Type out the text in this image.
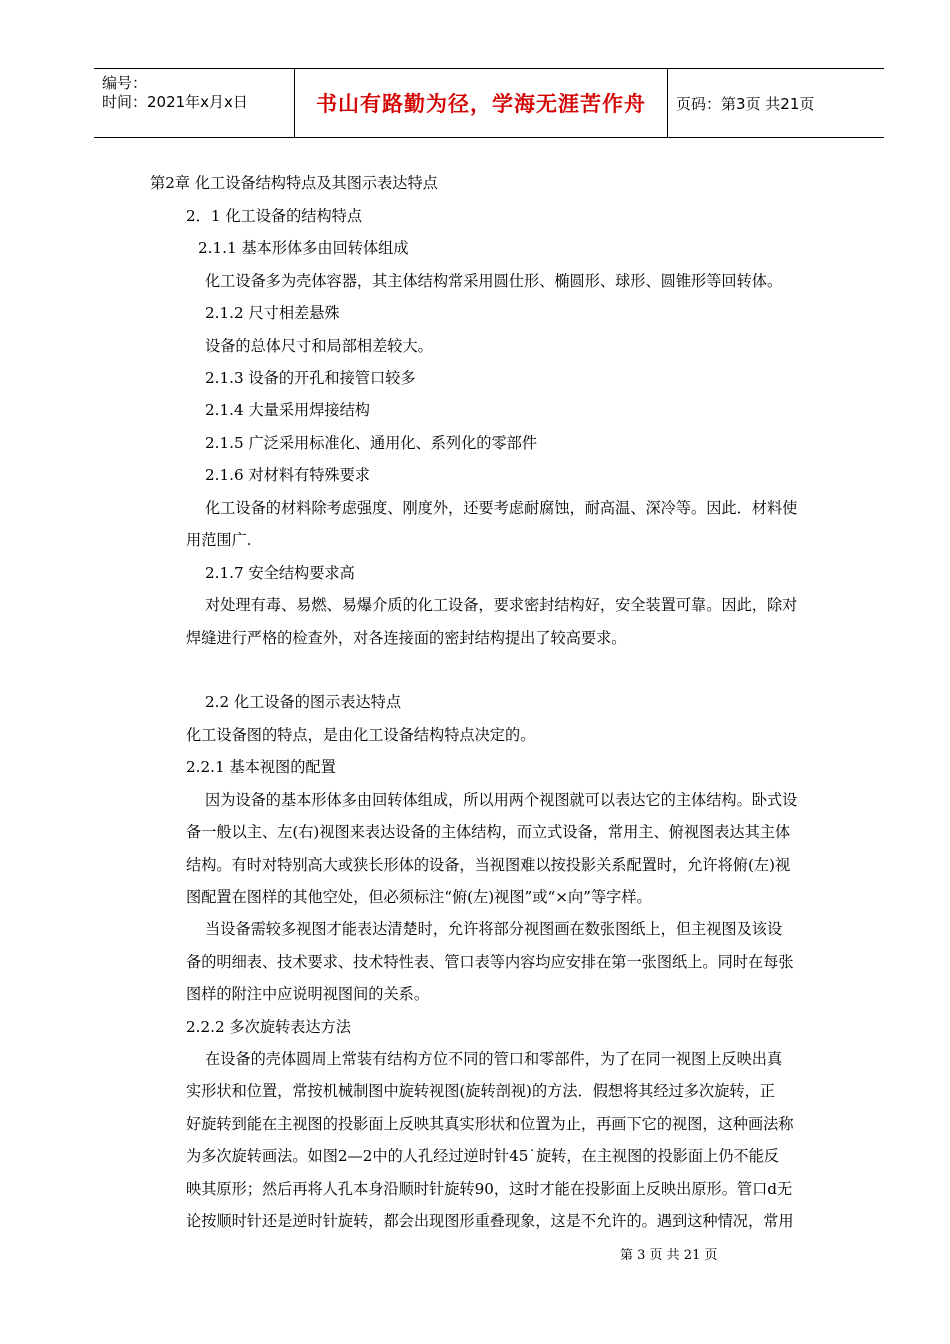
编号：
时间：2021年x月x日	书山有路勤为径，学海无涯苦作舟 页码：第3页 共21页
第2章 化工设备结构特点及其图示表达特点
2．1 化工设备的结构特点
2.1.1 基本形体多由回转体组成
化工设备多为壳体容器，其主体结构常采用圆仕形、椭圆形、球形、圆锥形等回转体。
2.1.2 尺寸相差悬殊
设备的总体尺寸和局部相差较大。
2.1.3 设备的开孔和接管口较多
2.1.4 大量采用焊接结构
2.1.5 广泛采用标准化、通用化、系列化的零部件
2.1.6 对材料有特殊要求
化工设备的材料除考虑强度、刚度外，还要考虑耐腐蚀，耐高温、深冷等。因此．材料使
用范围广.
2.1.7 安全结构要求高
对处理有毒、易燃、易爆介质的化工设备，要求密封结构好，安全装置可靠。因此，除对
焊缝进行严格的检查外，对各连接面的密封结构提出了较高要求。
2.2 化工设备的图示表达特点
化工设备图的特点，是由化工设备结构特点决定的。
2.2.1 基本视图的配置
因为设备的基本形体多由回转体组成，所以用两个视图就可以表达它的主体结构。卧式设
备一般以主、左(右)视图来表达设备的主体结构，而立式设备，常用主、俯视图表达其主体
结构。有时对特别高大或狭长形体的设备，当视图难以按投影关系配置时，允许将俯(左)视
图配置在图样的其他空处，但必须标注“俯(左)视图”或“×向”等字样。
当设备需较多视图才能表达清楚时，允许将部分视图画在数张图纸上，但主视图及该设
备的明细表、技术要求、技术特性表、管口表等内容均应安排在第一张图纸上。同时在每张
图样的附注中应说明视图间的关系。
2.2.2 多次旋转表达方法
在设备的壳体圆周上常装有结构方位不同的管口和零部件，为了在同一视图上反映出真
实形状和位置，常按机械制图中旋转视图(旋转剖视)的方法．假想将其经过多次旋转，正
好旋转到能在主视图的投影面上反映其真实形状和位置为止，再画下它的视图，这种画法称
为多次旋转画法。如图2—2中的人孔经过逆时针45˙旋转，在主视图的投影面上仍不能反
映其原形；然后再将人孔本身沿顺时针旋转90，这时才能在投影面上反映出原形。管口d无
论按顺时针还是逆时针旋转，都会出现图形重叠现象，这是不允许的。遇到这种情况，常用
第 3 页 共 21 页
